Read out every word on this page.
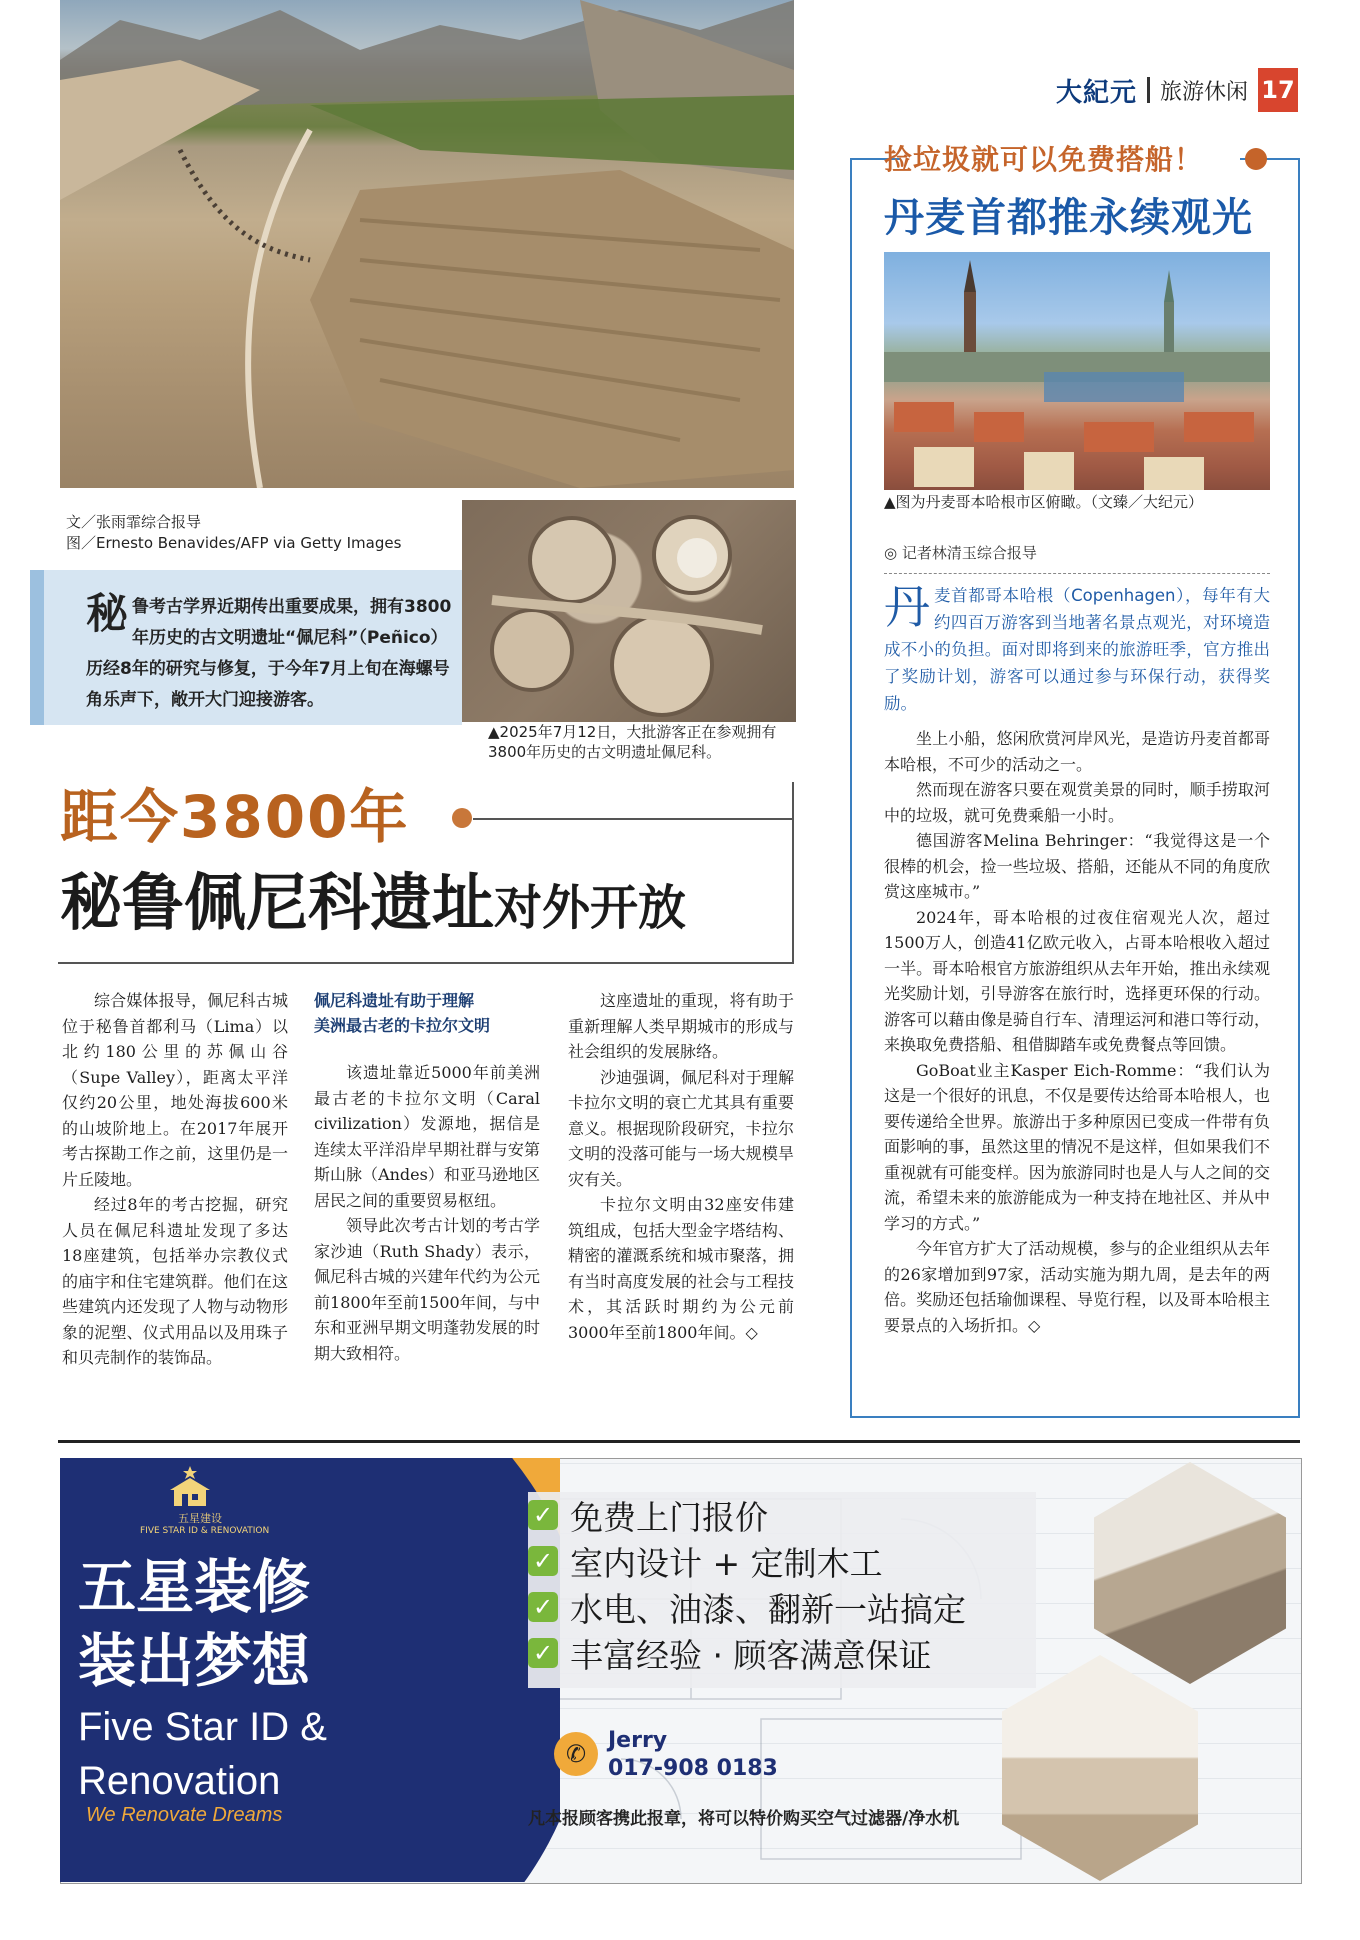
大紀元 旅游休闲 17
文／张雨霏综合报导
图／Ernesto Benavides/AFP via Getty Images
▲2025年7月12日，大批游客正在参观拥有3800年历史的古文明遗址佩尼科。
秘 鲁考古学界近期传出重要成果，拥有3800年历史的古文明遗址“佩尼科”（Peñico）历经8年的研究与修复，于今年7月上旬在海螺号角乐声下，敞开大门迎接游客。
距今3800年
秘鲁佩尼科遗址对外开放

综合媒体报导，佩尼科古城位于秘鲁首都利马（Lima）以北约180公里的苏佩山谷（Supe Valley），距离太平洋仅约20公里，地处海拔600米的山坡阶地上。在2017年展开考古探勘工作之前，这里仍是一片丘陵地。

经过8年的考古挖掘，研究人员在佩尼科遗址发现了多达18座建筑，包括举办宗教仪式的庙宇和住宅建筑群。他们在这些建筑内还发现了人物与动物形象的泥塑、仪式用品以及用珠子和贝壳制作的装饰品。

佩尼科遗址有助于理解
美洲最古老的卡拉尔文明

该遗址靠近5000年前美洲最古老的卡拉尔文明（Caral civilization）发源地，据信是连续太平洋沿岸早期社群与安第斯山脉（Andes）和亚马逊地区居民之间的重要贸易枢纽。

领导此次考古计划的考古学家沙迪（Ruth Shady）表示，佩尼科古城的兴建年代约为公元前1800年至前1500年间，与中东和亚洲早期文明蓬勃发展的时期大致相符。

这座遗址的重现，将有助于重新理解人类早期城市的形成与社会组织的发展脉络。

沙迪强调，佩尼科对于理解卡拉尔文明的衰亡尤其具有重要意义。根据现阶段研究，卡拉尔文明的没落可能与一场大规模旱灾有关。

卡拉尔文明由32座安伟建筑组成，包括大型金字塔结构、精密的灌溉系统和城市聚落，拥有当时高度发展的社会与工程技术，其活跃时期约为公元前3000年至前1800年间。◇

捡垃圾就可以免费搭船！
丹麦首都推永续观光
▲图为丹麦哥本哈根市区俯瞰。（文臻／大纪元）
◎ 记者林清玉综合报导
丹 麦首都哥本哈根（Copenhagen），每年有大约四百万游客到当地著名景点观光，对环境造成不小的负担。面对即将到来的旅游旺季，官方推出了奖励计划，游客可以通过参与环保行动，获得奖励。

坐上小船，悠闲欣赏河岸风光，是造访丹麦首都哥本哈根，不可少的活动之一。

然而现在游客只要在观赏美景的同时，顺手捞取河中的垃圾，就可免费乘船一小时。

德国游客Melina Behringer：“我觉得这是一个很棒的机会，捡一些垃圾、搭船，还能从不同的角度欣赏这座城市。”

2024年，哥本哈根的过夜住宿观光人次，超过1500万人，创造41亿欧元收入，占哥本哈根收入超过一半。哥本哈根官方旅游组织从去年开始，推出永续观光奖励计划，引导游客在旅行时，选择更环保的行动。游客可以藉由像是骑自行车、清理运河和港口等行动，来换取免费搭船、租借脚踏车或免费餐点等回馈。

GoBoat业主Kasper Eich-Romme：“我们认为这是一个很好的讯息，不仅是要传达给哥本哈根人，也要传递给全世界。旅游出于多种原因已变成一件带有负面影响的事，虽然这里的情况不是这样，但如果我们不重视就有可能变样。因为旅游同时也是人与人之间的交流，希望未来的旅游能成为一种支持在地社区、并从中学习的方式。”

今年官方扩大了活动规模，参与的企业组织从去年的26家增加到97家，活动实施为期九周，是去年的两倍。奖励还包括瑜伽课程、导览行程，以及哥本哈根主要景点的入场折扣。◇

五星建设
FIVE STAR ID & RENOVATION
五星装修
装出梦想
Five Star ID &
Renovation
We Renovate Dreams
✓ 免费上门报价
✓ 室内设计 + 定制木工
✓ 水电、油漆、翻新一站搞定
✓ 丰富经验 · 顾客满意保证
✆ Jerry
017-908 0183
凡本报顾客携此报章，将可以特价购买空气过滤器/净水机
